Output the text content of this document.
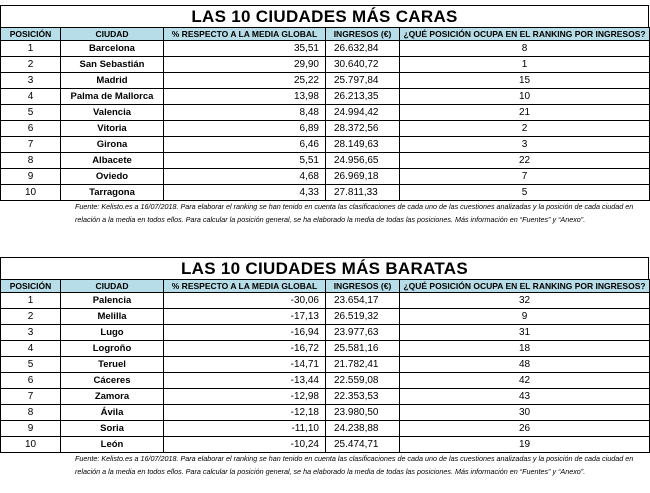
LAS 10 CIUDADES MÁS CARAS
POSICIÓN	CIUDAD	% RESPECTO A LA MEDIA GLOBAL	INGRESOS (€)	¿QUÉ POSICIÓN OCUPA EN EL RANKING POR INGRESOS?
1	Barcelona	35,51	26.632,84	8
2	San Sebastián	29,90	30.640,72	1
3	Madrid	25,22	25.797,84	15
4	Palma de Mallorca	13,98	26.213,35	10
5	Valencia	8,48	24.994,42	21
6	Vitoria	6,89	28.372,56	2
7	Girona	6,46	28.149,63	3
8	Albacete	5,51	24.956,65	22
9	Oviedo	4,68	26.969,18	7
10	Tarragona	4,33	27.811,33	5
Fuente: Kelisto.es a 16/07/2018. Para elaborar el ranking se han tenido en cuenta las clasificaciones de cada uno de las cuestiones analizadas y la posición de cada ciudad en relación a la media en todos ellos. Para calcular la posición general, se ha elaborado la media de todas las posiciones. Más información en “Fuentes” y “Anexo”.
LAS 10 CIUDADES MÁS BARATAS
POSICIÓN	CIUDAD	% RESPECTO A LA MEDIA GLOBAL	INGRESOS (€)	¿QUÉ POSICIÓN OCUPA EN EL RANKING POR INGRESOS?
1	Palencia	-30,06	23.654,17	32
2	Melilla	-17,13	26.519,32	9
3	Lugo	-16,94	23.977,63	31
4	Logroño	-16,72	25.581,16	18
5	Teruel	-14,71	21.782,41	48
6	Cáceres	-13,44	22.559,08	42
7	Zamora	-12,98	22.353,53	43
8	Ávila	-12,18	23.980,50	30
9	Soria	-11,10	24.238,88	26
10	León	-10,24	25.474,71	19
Fuente: Kelisto.es a 16/07/2018. Para elaborar el ranking se han tenido en cuenta las clasificaciones de cada uno de las cuestiones analizadas y la posición de cada ciudad en relación a la media en todos ellos. Para calcular la posición general, se ha elaborado la media de todas las posiciones. Más información en “Fuentes” y “Anexo”.
